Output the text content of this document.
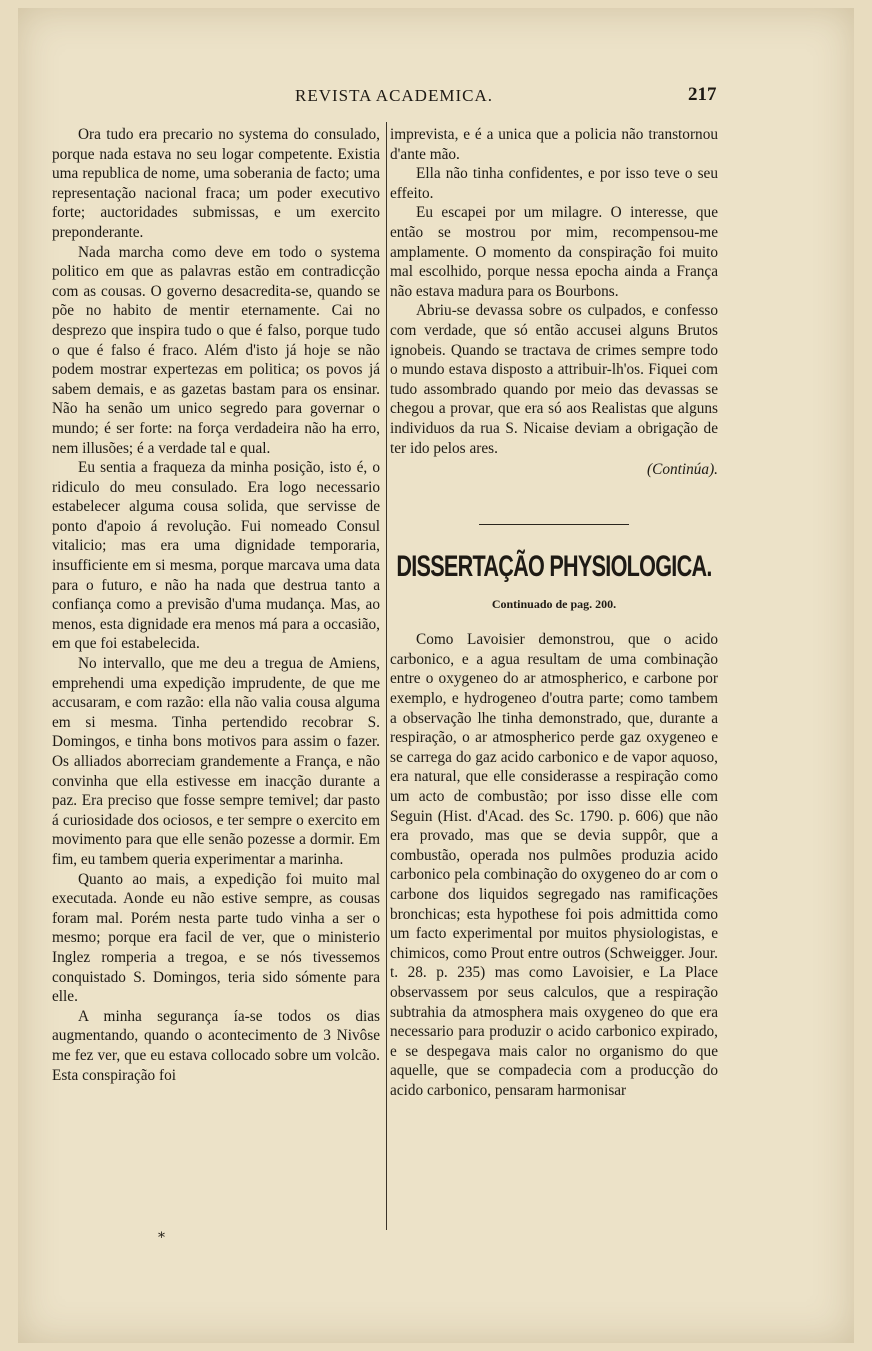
REVISTA ACADEMICA.	217

Ora tudo era precario no systema do consulado, porque nada estava no seu logar competente. Existia uma republica de nome, uma soberania de facto; uma representação nacional fraca; um poder executivo forte; auctoridades submissas, e um exercito preponderante.

Nada marcha como deve em todo o systema politico em que as palavras estão em contradicção com as cousas. O governo desacredita-se, quando se põe no habito de mentir eternamente. Cai no desprezo que inspira tudo o que é falso, porque tudo o que é falso é fraco. Além d'isto já hoje se não podem mostrar expertezas em politica; os povos já sabem demais, e as gazetas bastam para os ensinar. Não ha senão um unico segredo para governar o mundo; é ser forte: na força verdadeira não ha erro, nem illusões; é a verdade tal e qual.

Eu sentia a fraqueza da minha posição, isto é, o ridiculo do meu consulado. Era logo necessario estabelecer alguma cousa solida, que servisse de ponto d'apoio á revolução. Fui nomeado Consul vitalicio; mas era uma dignidade temporaria, insufficiente em si mesma, porque marcava uma data para o futuro, e não ha nada que destrua tanto a confiança como a previsão d'uma mudança. Mas, ao menos, esta dignidade era menos má para a occasião, em que foi estabelecida.

No intervallo, que me deu a tregua de Amiens, emprehendi uma expedição imprudente, de que me accusaram, e com razão: ella não valia cousa alguma em si mesma. Tinha pertendido recobrar S. Domingos, e tinha bons motivos para assim o fazer. Os alliados aborreciam grandemente a França, e não convinha que ella estivesse em inacção durante a paz. Era preciso que fosse sempre temivel; dar pasto á curiosidade dos ociosos, e ter sempre o exercito em movimento para que elle senão pozesse a dormir. Em fim, eu tambem queria experimentar a marinha.

Quanto ao mais, a expedição foi muito mal executada. Aonde eu não estive sempre, as cousas foram mal. Porém nesta parte tudo vinha a ser o mesmo; porque era facil de ver, que o ministerio Inglez romperia a tregoa, e se nós tivessemos conquistado S. Domingos, teria sido sómente para elle.

A minha segurança ía-se todos os dias augmentando, quando o acontecimento de 3 Nivôse me fez ver, que eu estava collocado sobre um volcão. Esta conspiração foi

imprevista, e é a unica que a policia não transtornou d'ante mão.

Ella não tinha confidentes, e por isso teve o seu effeito.

Eu escapei por um milagre. O interesse, que então se mostrou por mim, recompensou-me amplamente. O momento da conspiração foi muito mal escolhido, porque nessa epocha ainda a França não estava madura para os Bourbons.

Abriu-se devassa sobre os culpados, e confesso com verdade, que só então accusei alguns Brutos ignobeis. Quando se tractava de crimes sempre todo o mundo estava disposto a attribuir-lh'os. Fiquei com tudo assombrado quando por meio das devassas se chegou a provar, que era só aos Realistas que alguns individuos da rua S. Nicaise deviam a obrigação de ter ido pelos ares.

(Continúa).

DISSERTAÇÃO PHYSIOLOGICA.
Continuado de pag. 200.

Como Lavoisier demonstrou, que o acido carbonico, e a agua resultam de uma combinação entre o oxygeneo do ar atmospherico, e carbone por exemplo, e hydrogeneo d'outra parte; como tambem a observação lhe tinha demonstrado, que, durante a respiração, o ar atmospherico perde gaz oxygeneo e se carrega do gaz acido carbonico e de vapor aquoso, era natural, que elle considerasse a respiração como um acto de combustão; por isso disse elle com Seguin (Hist. d'Acad. des Sc. 1790. p. 606) que não era provado, mas que se devia suppôr, que a combustão, operada nos pulmões produzia acido carbonico pela combinação do oxygeneo do ar com o carbone dos liquidos segregado nas ramificações bronchicas; esta hypothese foi pois admittida como um facto experimental por muitos physiologistas, e chimicos, como Prout entre outros (Schweigger. Jour. t. 28. p. 235) mas como Lavoisier, e La Place observassem por seus calculos, que a respiração subtrahia da atmosphera mais oxygeneo do que era necessario para produzir o acido carbonico expirado, e se despegava mais calor no organismo do que aquelle, que se compadecia com a producção do acido carbonico, pensaram harmonisar

*
